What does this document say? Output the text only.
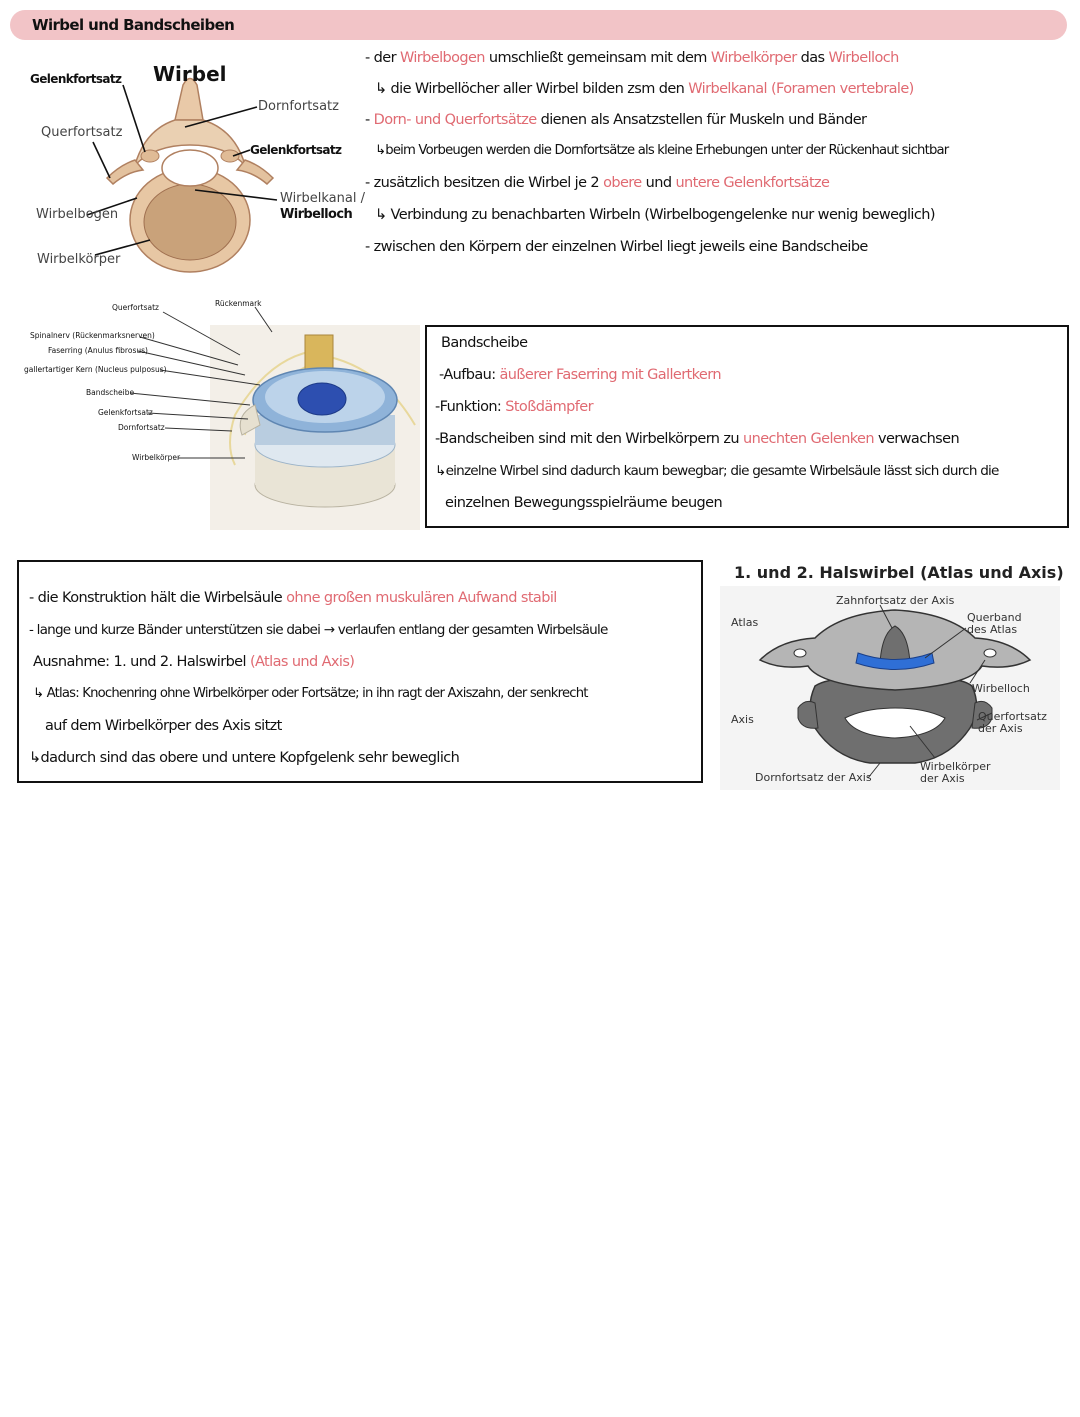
Wirbel und Bandscheiben
Wirbel
Gelenkfortsatz
Querfortsatz
Wirbelbogen
Wirbelkörper
Dornfortsatz
Gelenkfortsatz
Wirbelkanal /
Wirbelloch
- der Wirbelbogen umschließt gemeinsam mit dem Wirbelkörper das Wirbelloch
↳ die Wirbellöcher aller Wirbel bilden zsm den Wirbelkanal (Foramen vertebrale)
- Dorn- und Querfortsätze dienen als Ansatzstellen für Muskeln und Bänder
↳beim Vorbeugen werden die Dornfortsätze als kleine Erhebungen unter der Rückenhaut sichtbar
- zusätzlich besitzen die Wirbel je 2 obere und untere Gelenkfortsätze
↳ Verbindung zu benachbarten Wirbeln (Wirbelbogengelenke nur wenig beweglich)
- zwischen den Körpern der einzelnen Wirbel liegt jeweils eine Bandscheibe
Querfortsatz	Rückenmark
Spinalnerv (Rückenmarksnerven)
Faserring (Anulus fibrosus)
gallertartiger Kern (Nucleus pulposus)
Bandscheibe
Gelenkfortsatz
Dornfortsatz
Wirbelkörper
Bandscheibe
-Aufbau: äußerer Faserring mit Gallertkern
-Funktion: Stoßdämpfer
-Bandscheiben sind mit den Wirbelkörpern zu unechten Gelenken verwachsen
↳einzelne Wirbel sind dadurch kaum bewegbar; die gesamte Wirbelsäule lässt sich durch die
einzelnen Bewegungsspielräume beugen
- die Konstruktion hält die Wirbelsäule ohne großen muskulären Aufwand stabil
- lange und kurze Bänder unterstützen sie dabei → verlaufen entlang der gesamten Wirbelsäule
Ausnahme: 1. und 2. Halswirbel (Atlas und Axis)
↳ Atlas: Knochenring ohne Wirbelkörper oder Fortsätze; in ihn ragt der Axiszahn, der senkrecht
auf dem Wirbelkörper des Axis sitzt
↳dadurch sind das obere und untere Kopfgelenk sehr beweglich
1. und 2. Halswirbel (Atlas und Axis)
Zahnfortsatz der Axis
Atlas	Querband
des Atlas
Wirbelloch
Axis	Querfortsatz
der Axis
Dornfortsatz der Axis
Wirbelkörper
der Axis
